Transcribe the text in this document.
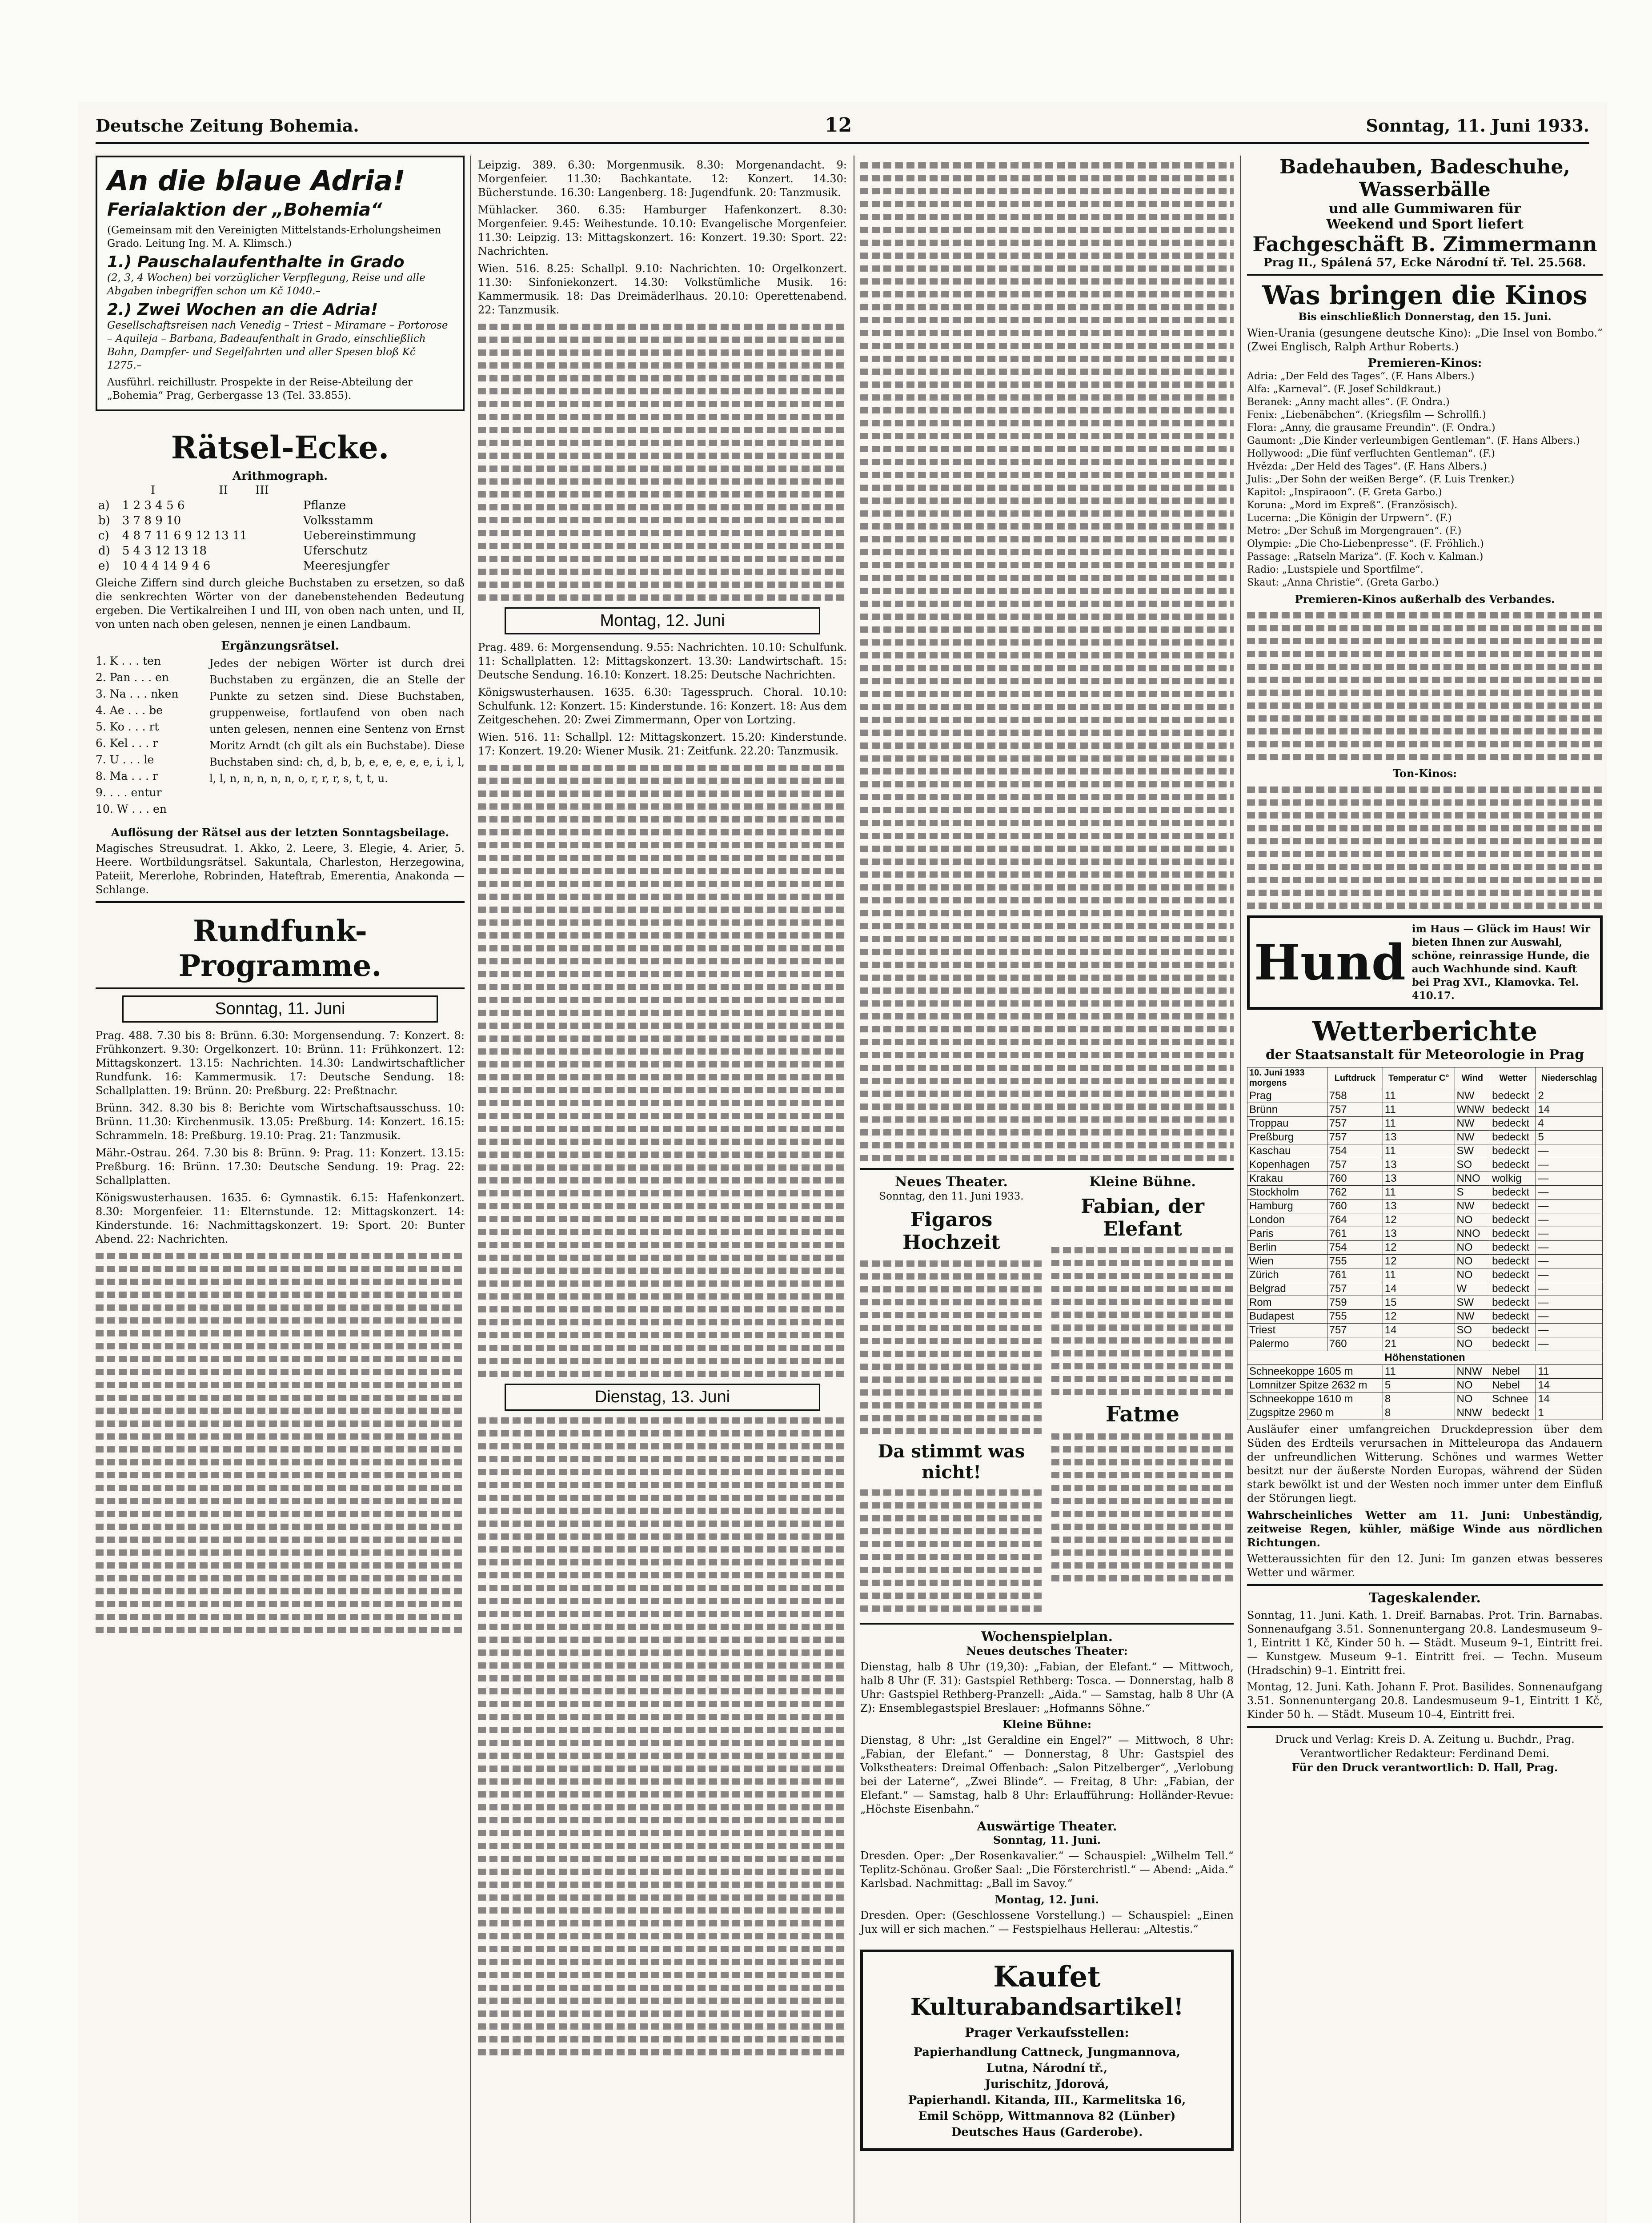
Deutsche Zeitung Bohemia.	12	Sonntag, 11. Juni 1933.
An die blaue Adria!
Ferialaktion der „Bohemia“
(Gemeinsam mit den Vereinigten Mittelstands-Erholungsheimen Grado. Leitung Ing. M. A. Klimsch.)
1.) Pauschalaufenthalte in Grado
(2, 3, 4 Wochen) bei vorzüglicher Verpflegung, Reise und alle Abgaben inbegriffen schon um Kč 1040.–
2.) Zwei Wochen an die Adria!
Gesellschaftsreisen nach Venedig – Triest – Miramare – Portorose – Aquileja – Barbana, Badeaufenthalt in Grado, einschließlich Bahn, Dampfer- und Segelfahrten und aller Spesen bloß Kč 1275.–
Ausführl. reichillustr. Prospekte in der Reise-Abteilung der „Bohemia“ Prag, Gerbergasse 13 (Tel. 33.855).
Rätsel-Ecke.
Arithmograph.
	I	II	III	
a)	1 2 3 4 5 6			Pflanze
b)	3 7 8 9 10			Volksstamm
c)	4 8 7 11 6 9 12 13 11			Uebereinstimmung
d)	5 4 3 12 13 18			Uferschutz
e)	10 4 4 14 9 4 6			Meeresjungfer
Gleiche Ziffern sind durch gleiche Buchstaben zu ersetzen, so daß die senkrechten Wörter von der danebenstehenden Bedeutung ergeben. Die Vertikalreihen I und III, von oben nach unten, und II, von unten nach oben gelesen, nennen je einen Landbaum.
Ergänzungsrätsel.
1. K . . . ten
2. Pan . . . en
3. Na . . . nken
4. Ae . . . be
5. Ko . . . rt
6. Kel . . . r
7. U . . . le
8. Ma . . . r
9. . . . entur
10. W . . . en
Jedes der nebigen Wörter ist durch drei Buchstaben zu ergänzen, die an Stelle der Punkte zu setzen sind. Diese Buchstaben, gruppenweise, fortlaufend von oben nach unten gelesen, nennen eine Sentenz von Ernst Moritz Arndt (ch gilt als ein Buchstabe). Diese Buchstaben sind: ch, d, b, b, e, e, e, e, e, i, i, l, l, l, n, n, n, n, n, o, r, r, r, s, t, t, u.
Auflösung der Rätsel aus der letzten Sonntagsbeilage.
Magisches Streusudrat. 1. Akko, 2. Leere, 3. Elegie, 4. Arier, 5. Heere. Wortbildungsrätsel. Sakuntala, Charleston, Herzegowina, Pateiit, Mererlohe, Robrinden, Hateftrab, Emerentia, Anakonda — Schlange.
Rundfunk-Programme.
Sonntag, 11. Juni

Prag. 488. 7.30 bis 8: Brünn. 6.30: Morgensendung. 7: Konzert. 8: Frühkonzert. 9.30: Orgelkonzert. 10: Brünn. 11: Frühkonzert. 12: Mittagskonzert. 13.15: Nachrichten. 14.30: Landwirtschaftlicher Rundfunk. 16: Kammermusik. 17: Deutsche Sendung. 18: Schallplatten. 19: Brünn. 20: Preßburg. 22: Preßtnachr.

Brünn. 342. 8.30 bis 8: Berichte vom Wirtschaftsausschuss. 10: Brünn. 11.30: Kirchenmusik. 13.05: Preßburg. 14: Konzert. 16.15: Schrammeln. 18: Preßburg. 19.10: Prag. 21: Tanzmusik.

Mähr.-Ostrau. 264. 7.30 bis 8: Brünn. 9: Prag. 11: Konzert. 13.15: Preßburg. 16: Brünn. 17.30: Deutsche Sendung. 19: Prag. 22: Schallplatten.

Königswusterhausen. 1635. 6: Gymnastik. 6.15: Hafenkonzert. 8.30: Morgenfeier. 11: Elternstunde. 12: Mittagskonzert. 14: Kinderstunde. 16: Nachmittagskonzert. 19: Sport. 20: Bunter Abend. 22: Nachrichten.

Leipzig. 389. 6.30: Morgenmusik. 8.30: Morgenandacht. 9: Morgenfeier. 11.30: Bachkantate. 12: Konzert. 14.30: Bücherstunde. 16.30: Langenberg. 18: Jugendfunk. 20: Tanzmusik.

Mühlacker. 360. 6.35: Hamburger Hafenkonzert. 8.30: Morgenfeier. 9.45: Weihestunde. 10.10: Evangelische Morgenfeier. 11.30: Leipzig. 13: Mittagskonzert. 16: Konzert. 19.30: Sport. 22: Nachrichten.

Wien. 516. 8.25: Schallpl. 9.10: Nachrichten. 10: Orgelkonzert. 11.30: Sinfoniekonzert. 14.30: Volkstümliche Musik. 16: Kammermusik. 18: Das Dreimäderlhaus. 20.10: Operettenabend. 22: Tanzmusik.

Montag, 12. Juni

Prag. 489. 6: Morgensendung. 9.55: Nachrichten. 10.10: Schulfunk. 11: Schallplatten. 12: Mittagskonzert. 13.30: Landwirtschaft. 15: Deutsche Sendung. 16.10: Konzert. 18.25: Deutsche Nachrichten.

Königswusterhausen. 1635. 6.30: Tagesspruch. Choral. 10.10: Schulfunk. 12: Konzert. 15: Kinderstunde. 16: Konzert. 18: Aus dem Zeitgeschehen. 20: Zwei Zimmermann, Oper von Lortzing.

Wien. 516. 11: Schallpl. 12: Mittagskonzert. 15.20: Kinderstunde. 17: Konzert. 19.20: Wiener Musik. 21: Zeitfunk. 22.20: Tanzmusik.

Dienstag, 13. Juni
Neues Theater.
Sonntag, den 11. Juni 1933.
Figaros Hochzeit
Da stimmt was nicht!
Kleine Bühne.
Fabian, der Elefant
Fatme
Wochenspielplan.
Neues deutsches Theater:
Dienstag, halb 8 Uhr (19,30): „Fabian, der Elefant.“ — Mittwoch, halb 8 Uhr (F. 31): Gastspiel Rethberg: Tosca. — Donnerstag, halb 8 Uhr: Gastspiel Rethberg-Pranzell: „Aida.“ — Samstag, halb 8 Uhr (A Z): Ensemblegastspiel Breslauer: „Hofmanns Söhne.“
Kleine Bühne:
Dienstag, 8 Uhr: „Ist Geraldine ein Engel?“ — Mittwoch, 8 Uhr: „Fabian, der Elefant.“ — Donnerstag, 8 Uhr: Gastspiel des Volkstheaters: Dreimal Offenbach: „Salon Pitzelberger“, „Verlobung bei der Laterne“, „Zwei Blinde“. — Freitag, 8 Uhr: „Fabian, der Elefant.“ — Samstag, halb 8 Uhr: Erlaufführung: Holländer-Revue: „Höchste Eisenbahn.“
Auswärtige Theater.
Sonntag, 11. Juni.
Dresden. Oper: „Der Rosenkavalier.“ — Schauspiel: „Wilhelm Tell.“ Teplitz-Schönau. Großer Saal: „Die Försterchristl.“ — Abend: „Aida.“ Karlsbad. Nachmittag: „Ball im Savoy.“
Montag, 12. Juni.
Dresden. Oper: (Geschlossene Vorstellung.) — Schauspiel: „Einen Jux will er sich machen.“ — Festspielhaus Hellerau: „Altestis.“
Kaufet
Kulturabandsartikel!
Prager Verkaufsstellen:
Papierhandlung Cattneck, Jungmannova,
Lutna, Národní tř.,
Jurischitz, Jdorová,
Papierhandl. Kitanda, III., Karmelitska 16,
Emil Schöpp, Wittmannova 82 (Lünber)
Deutsches Haus (Garderobe).
Badehauben, Badeschuhe, Wasserbälle
und alle Gummiwaren für
Weekend und Sport liefert
Fachgeschäft B. Zimmermann
Prag II., Spálená 57, Ecke Národní tř. Tel. 25.568.
Was bringen die Kinos
Bis einschließlich Donnerstag, den 15. Juni.
Wien-Urania (gesungene deutsche Kino): „Die Insel von Bombo.“ (Zwei Englisch, Ralph Arthur Roberts.)
Premieren-Kinos:
Adria: „Der Feld des Tages“. (F. Hans Albers.)
Alfa: „Karneval“. (F. Josef Schildkraut.)
Beranek: „Anny macht alles“. (F. Ondra.)
Fenix: „Liebenäbchen“. (Kriegsfilm — Schrollfi.)
Flora: „Anny, die grausame Freundin“. (F. Ondra.)
Gaumont: „Die Kinder verleumbigen Gentleman“. (F. Hans Albers.)
Hollywood: „Die fünf verfluchten Gentleman“. (F.)
Hvězda: „Der Held des Tages“. (F. Hans Albers.)
Julis: „Der Sohn der weißen Berge“. (F. Luis Trenker.)
Kapitol: „Inspiraoon“. (F. Greta Garbo.)
Koruna: „Mord im Expreß“. (Französisch).
Lucerna: „Die Königin der Urpwern“. (F.)
Metro: „Der Schuß im Morgengrauen“. (F.)
Olympie: „Die Cho-Liebenpresse“. (F. Fröhlich.)
Passage: „Ratseln Mariza“. (F. Koch v. Kalman.)
Radio: „Lustspiele und Sportfilme“.
Skaut: „Anna Christie“. (Greta Garbo.)
Premieren-Kinos außerhalb des Verbandes.
Ton-Kinos:
Hund
im Haus — Glück im Haus! Wir bieten Ihnen zur Auswahl, schöne, reinrassige Hunde, die auch Wachhunde sind. Kauft bei Prag XVI., Klamovka. Tel. 410.17.
Wetterberichte
der Staatsanstalt für Meteorologie in Prag
10. Juni 1933
morgens	Luftdruck	Temperatur C°	Wind	Wetter	Niederschlag
Prag	758	11	NW	bedeckt	2
Brünn	757	11	WNW	bedeckt	14
Troppau	757	11	NW	bedeckt	4
Preßburg	757	13	NW	bedeckt	5
Kaschau	754	11	SW	bedeckt	—
Kopenhagen	757	13	SO	bedeckt	—
Krakau	760	13	NNO	wolkig	—
Stockholm	762	11	S	bedeckt	—
Hamburg	760	13	NW	bedeckt	—
London	764	12	NO	bedeckt	—
Paris	761	13	NNO	bedeckt	—
Berlin	754	12	NO	bedeckt	—
Wien	755	12	NO	bedeckt	—
Zürich	761	11	NO	bedeckt	—
Belgrad	757	14	W	bedeckt	—
Rom	759	15	SW	bedeckt	—
Budapest	755	12	NW	bedeckt	—
Triest	757	14	SO	bedeckt	—
Palermo	760	21	NO	bedeckt	—
Höhenstationen					
Schneekoppe 1605 m		11	NNW	Nebel	11
Lomnitzer Spitze 2632 m		5	NO	Nebel	14
Schneekoppe 1610 m		8	NO	Schnee	14
Zugspitze 2960 m		8	NNW	bedeckt	1
Ausläufer einer umfangreichen Druckdepression über dem Süden des Erdteils verursachen in Mitteleuropa das Andauern der unfreundlichen Witterung. Schönes und warmes Wetter besitzt nur der äußerste Norden Europas, während der Süden stark bewölkt ist und der Westen noch immer unter dem Einfluß der Störungen liegt.
Wahrscheinliches Wetter am 11. Juni: Unbeständig, zeitweise Regen, kühler, mäßige Winde aus nördlichen Richtungen.
Wetteraussichten für den 12. Juni: Im ganzen etwas besseres Wetter und wärmer.
Tageskalender.
Sonntag, 11. Juni. Kath. 1. Dreif. Barnabas. Prot. Trin. Barnabas. Sonnenaufgang 3.51. Sonnenuntergang 20.8. Landesmuseum 9–1, Eintritt 1 Kč, Kinder 50 h. — Städt. Museum 9–1, Eintritt frei. — Kunstgew. Museum 9–1. Eintritt frei. — Techn. Museum (Hradschin) 9–1. Eintritt frei.
Montag, 12. Juni. Kath. Johann F. Prot. Basilides. Sonnenaufgang 3.51. Sonnenuntergang 20.8. Landesmuseum 9–1, Eintritt 1 Kč, Kinder 50 h. — Städt. Museum 10–4, Eintritt frei.
Druck und Verlag: Kreis D. A. Zeitung u. Buchdr., Prag.
Verantwortlicher Redakteur: Ferdinand Demi.
Für den Druck verantwortlich: D. Hall, Prag.
